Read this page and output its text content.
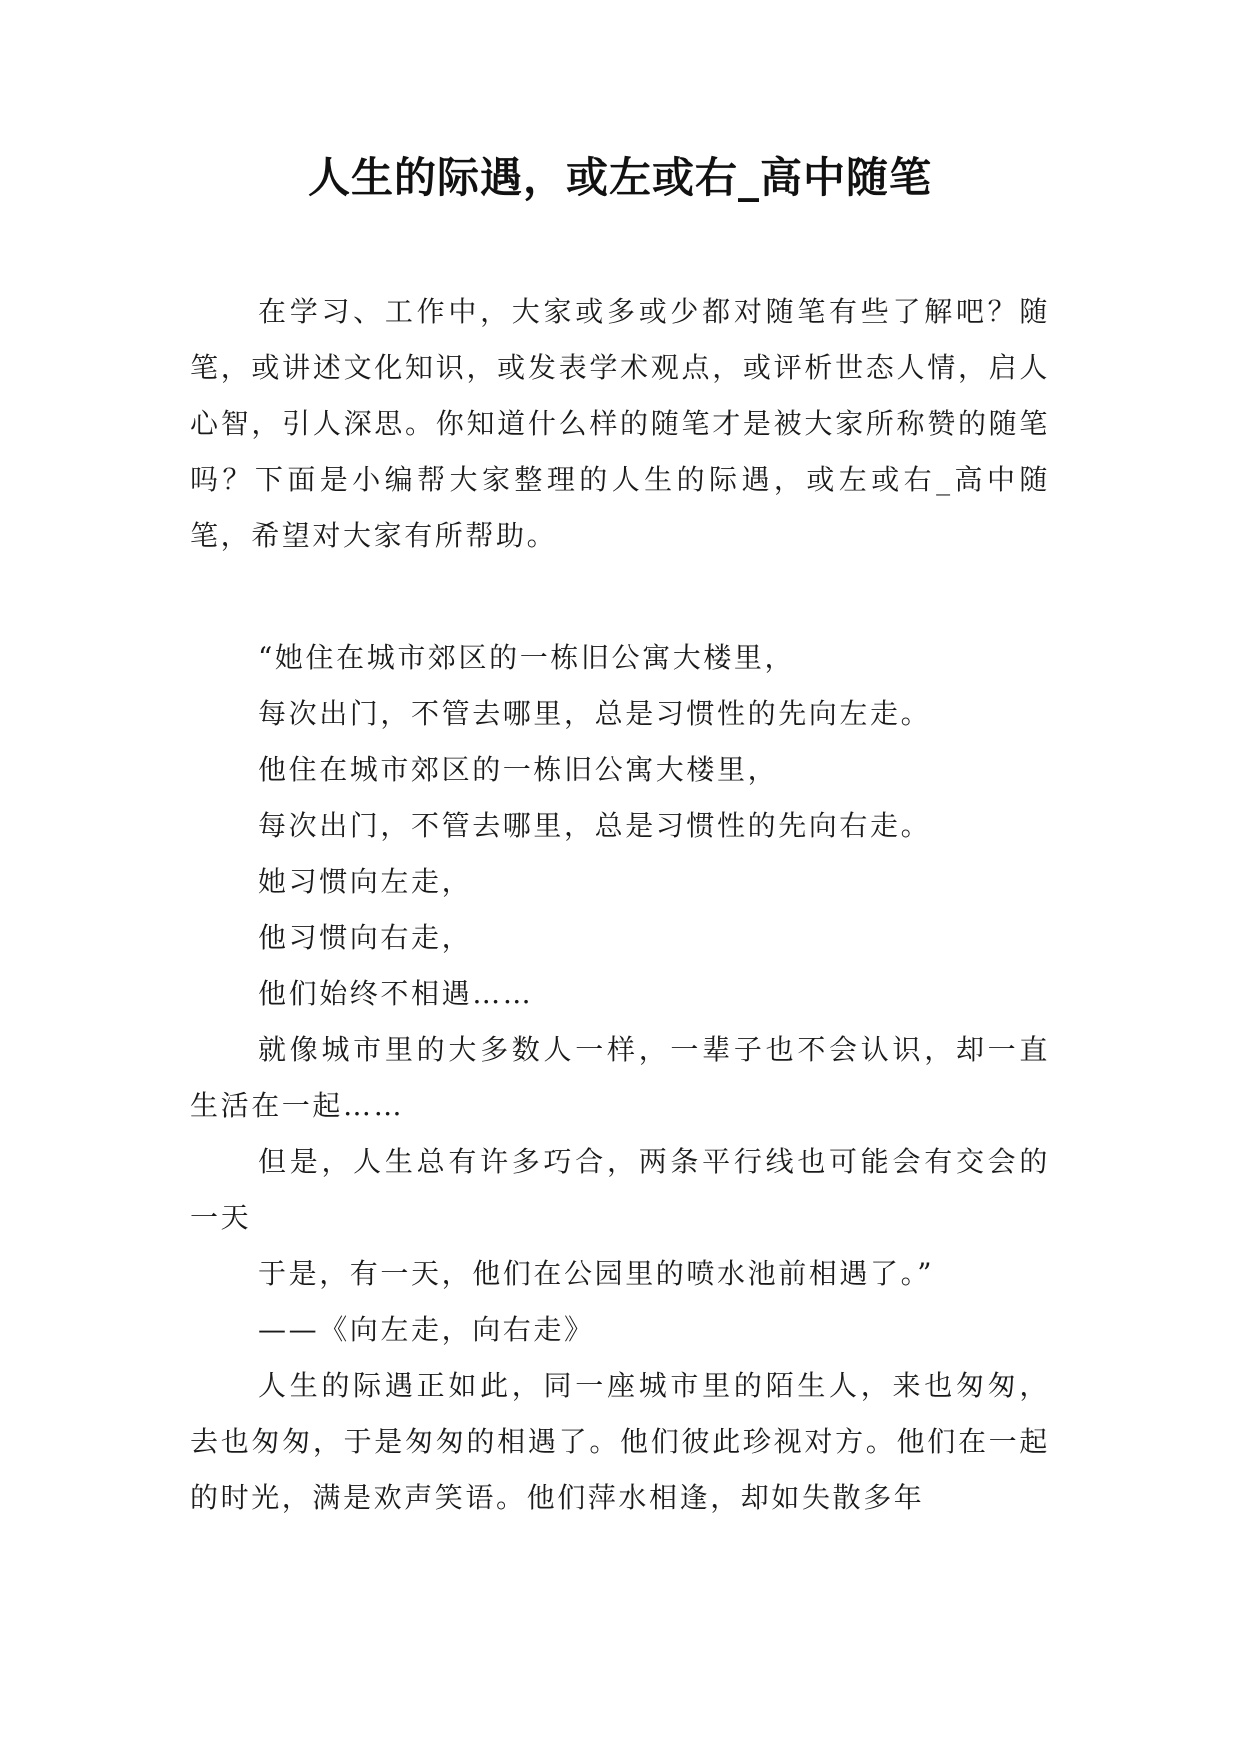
人生的际遇，或左或右_高中随笔

在学习、工作中，大家或多或少都对随笔有些了解吧？随笔，或讲述文化知识，或发表学术观点，或评析世态人情，启人心智，引人深思。你知道什么样的随笔才是被大家所称赞的随笔吗？下面是小编帮大家整理的人生的际遇，或左或右_高中随笔，希望对大家有所帮助。

“她住在城市郊区的一栋旧公寓大楼里，

每次出门，不管去哪里，总是习惯性的先向左走。

他住在城市郊区的一栋旧公寓大楼里，

每次出门，不管去哪里，总是习惯性的先向右走。

她习惯向左走，

他习惯向右走，

他们始终不相遇……

就像城市里的大多数人一样，一辈子也不会认识，却一直生活在一起……

但是，人生总有许多巧合，两条平行线也可能会有交会的一天

于是，有一天，他们在公园里的喷水池前相遇了。”

——《向左走，向右走》

人生的际遇正如此，同一座城市里的陌生人，来也匆匆，去也匆匆，于是匆匆的相遇了。他们彼此珍视对方。他们在一起的时光，满是欢声笑语。他们萍水相逢，却如失散多年
